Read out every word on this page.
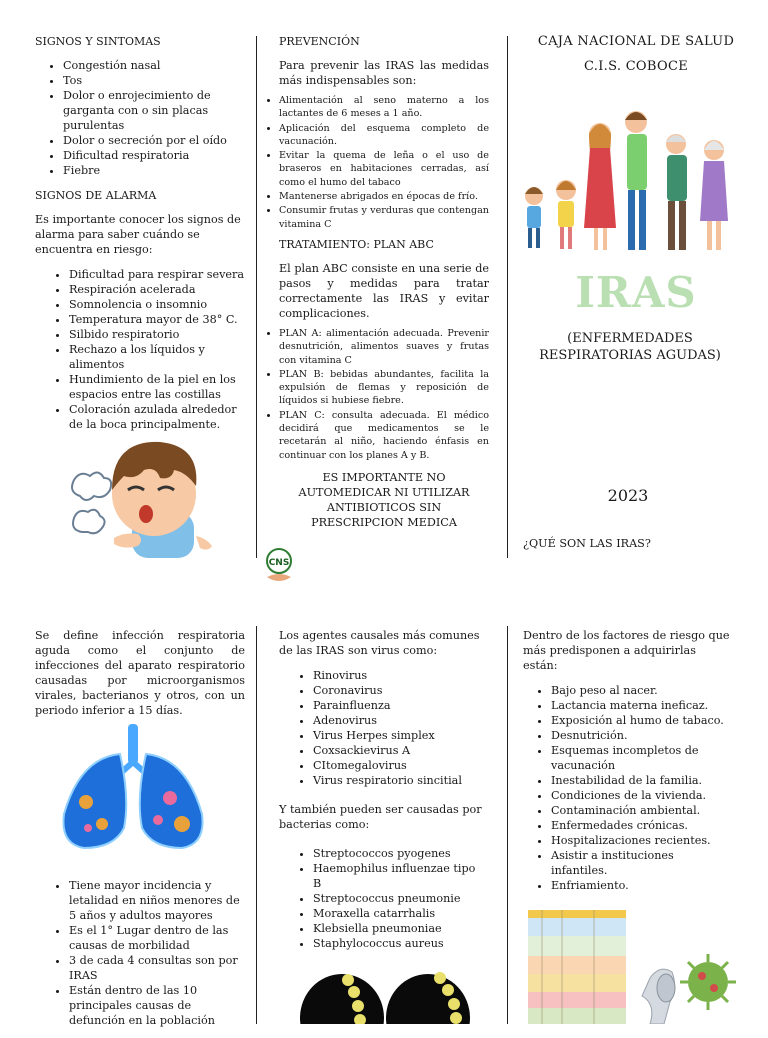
SIGNOS Y SINTOMAS
• Congestión nasal
• Tos
• Dolor o enrojecimiento de garganta con o sin placas purulentas
• Dolor o secreción por el oído
• Dificultad respiratoria
• Fiebre
SIGNOS DE ALARMA

Es importante conocer los signos de alarma para saber cuándo se encuentra en riesgo:

• Dificultad para respirar severa
• Respiración acelerada
• Somnolencia o insomnio
• Temperatura mayor de 38° C.
• Silbido respiratorio
• Rechazo a los líquidos y alimentos
• Hundimiento de la piel en los espacios entre las costillas
• Coloración azulada alrededor de la boca principalmente.
PREVENCIÓN

Para prevenir las IRAS las medidas más indispensables son:

• Alimentación al seno materno a los lactantes de 6 meses a 1 año.
• Aplicación del esquema completo de vacunación.
• Evitar la quema de leña o el uso de braseros en habitaciones cerradas, así como el humo del tabaco
• Mantenerse abrigados en épocas de frío.
• Consumir frutas y verduras que contengan vitamina C
TRATAMIENTO: PLAN ABC

El plan ABC consiste en una serie de pasos y medidas para tratar correctamente las IRAS y evitar complicaciones.

• PLAN A: alimentación adecuada. Prevenir desnutrición, alimentos suaves y frutas con vitamina C
• PLAN B: bebidas abundantes, facilita la expulsión de flemas y reposición de líquidos si hubiese fiebre.
• PLAN C: consulta adecuada. El médico decidirá que medicamentos se le recetarán al niño, haciendo énfasis en continuar con los planes A y B.
ES IMPORTANTE NO AUTOMEDICAR NI UTILIZAR ANTIBIOTICOS SIN PRESCRIPCION MEDICA
CNS
CAJA NACIONAL DE SALUD
C.I.S. COBOCE
IRAS
(ENFERMEDADES RESPIRATORIAS AGUDAS)
2023
¿QUÉ SON LAS IRAS?

Se define infección respiratoria aguda como el conjunto de infecciones del aparato respiratorio causadas por microorganismos virales, bacterianos y otros, con un periodo inferior a 15 días.

• Tiene mayor incidencia y letalidad en niños menores de 5 años y adultos mayores
• Es el 1° Lugar dentro de las causas de morbilidad
• 3 de cada 4 consultas son por IRAS
• Están dentro de las 10 principales causas de defunción en la población

Los agentes causales más comunes de las IRAS son virus como:

• Rinovirus
• Coronavirus
• Parainfluenza
• Adenovirus
• Virus Herpes simplex
• Coxsackievirus A
• CItomegalovirus
• Virus respiratorio sincitial

Y también pueden ser causadas por bacterias como:

• Streptococcos pyogenes
• Haemophilus influenzae tipo B
• Streptococcus pneumonie
• Moraxella catarrhalis
• Klebsiella pneumoniae
• Staphylococcus aureus

Dentro de los factores de riesgo que más predisponen a adquirirlas están:

• Bajo peso al nacer.
• Lactancia materna ineficaz.
• Exposición al humo de tabaco.
• Desnutrición.
• Esquemas incompletos de vacunación
• Inestabilidad de la familia.
• Condiciones de la vivienda.
• Contaminación ambiental.
• Enfermedades crónicas.
• Hospitalizaciones recientes.
• Asistir a instituciones infantiles.
• Enfriamiento.
